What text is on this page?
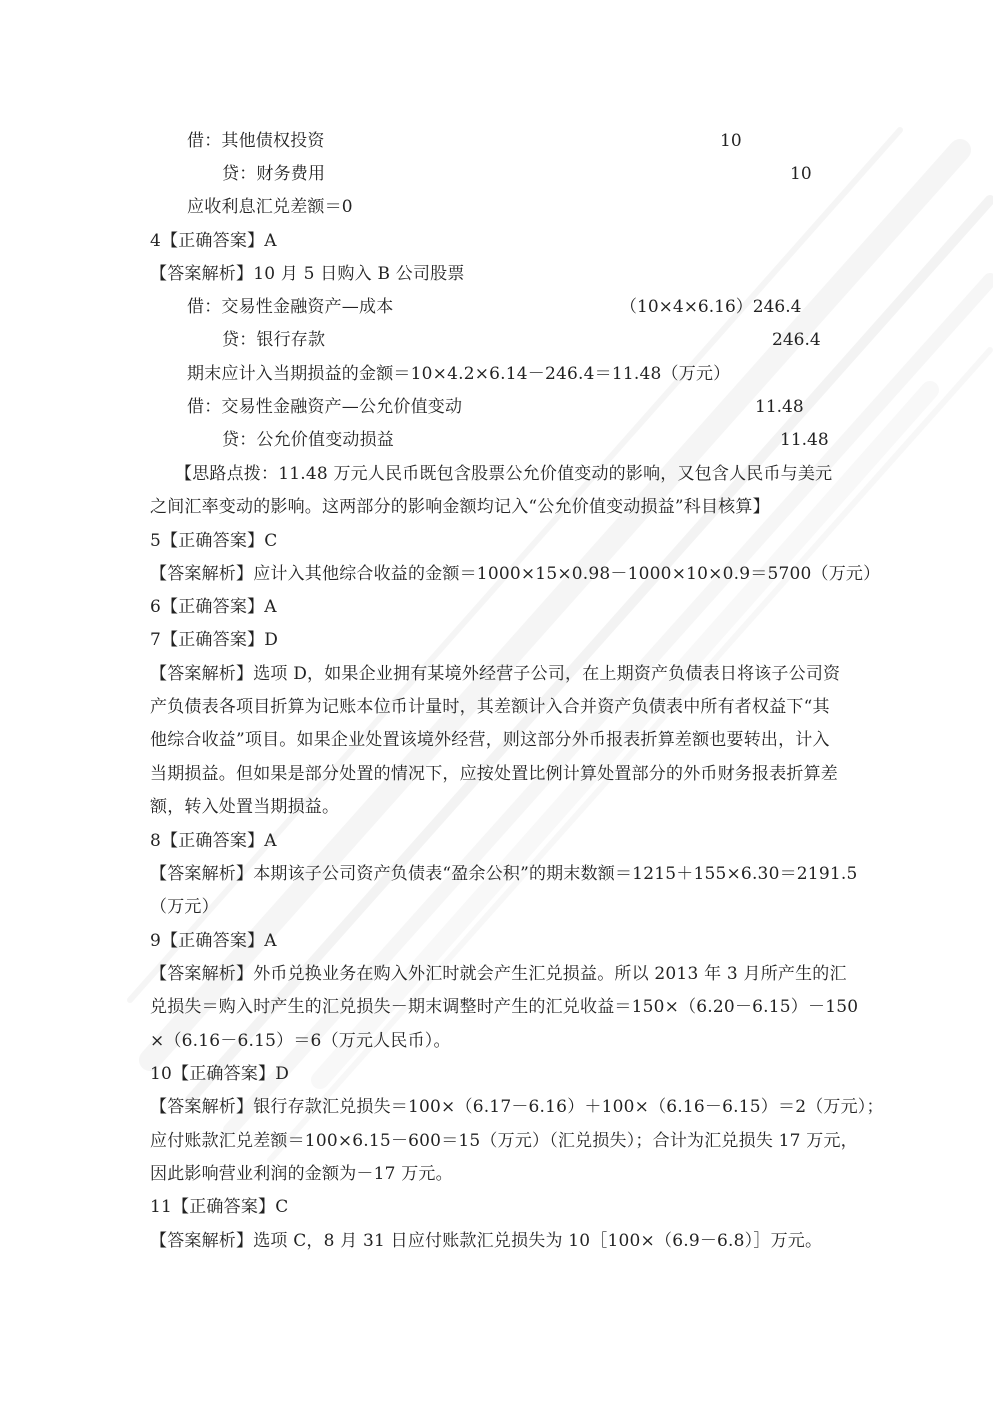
借：其他债权投资	10
贷：财务费用	10
应收利息汇兑差额＝0
4【正确答案】A
【答案解析】10 月 5 日购入 B 公司股票
借：交易性金融资产—成本	（10×4×6.16）246.4
贷：银行存款	246.4
期末应计入当期损益的金额＝10×4.2×6.14－246.4＝11.48（万元）
借：交易性金融资产—公允价值变动	11.48
贷：公允价值变动损益	11.48
【思路点拨：11.48 万元人民币既包含股票公允价值变动的影响，又包含人民币与美元
之间汇率变动的影响。这两部分的影响金额均记入“公允价值变动损益”科目核算】
5【正确答案】C
【答案解析】应计入其他综合收益的金额＝1000×15×0.98－1000×10×0.9＝5700（万元）
6【正确答案】A
7【正确答案】D
【答案解析】选项 D，如果企业拥有某境外经营子公司，在上期资产负债表日将该子公司资
产负债表各项目折算为记账本位币计量时，其差额计入合并资产负债表中所有者权益下“其
他综合收益”项目。如果企业处置该境外经营，则这部分外币报表折算差额也要转出，计入
当期损益。但如果是部分处置的情况下，应按处置比例计算处置部分的外币财务报表折算差
额，转入处置当期损益。
8【正确答案】A
【答案解析】本期该子公司资产负债表“盈余公积”的期末数额＝1215＋155×6.30＝2191.5
（万元）
9【正确答案】A
【答案解析】外币兑换业务在购入外汇时就会产生汇兑损益。所以 2013 年 3 月所产生的汇
兑损失＝购入时产生的汇兑损失－期末调整时产生的汇兑收益＝150×（6.20－6.15）－150
×（6.16－6.15）＝6（万元人民币）。
10【正确答案】D
【答案解析】银行存款汇兑损失＝100×（6.17－6.16）＋100×（6.16－6.15）＝2（万元）；
应付账款汇兑差额＝100×6.15－600＝15（万元）（汇兑损失）；合计为汇兑损失 17 万元，
因此影响营业利润的金额为－17 万元。
11【正确答案】C
【答案解析】选项 C，8 月 31 日应付账款汇兑损失为 10［100×（6.9－6.8）］万元。
